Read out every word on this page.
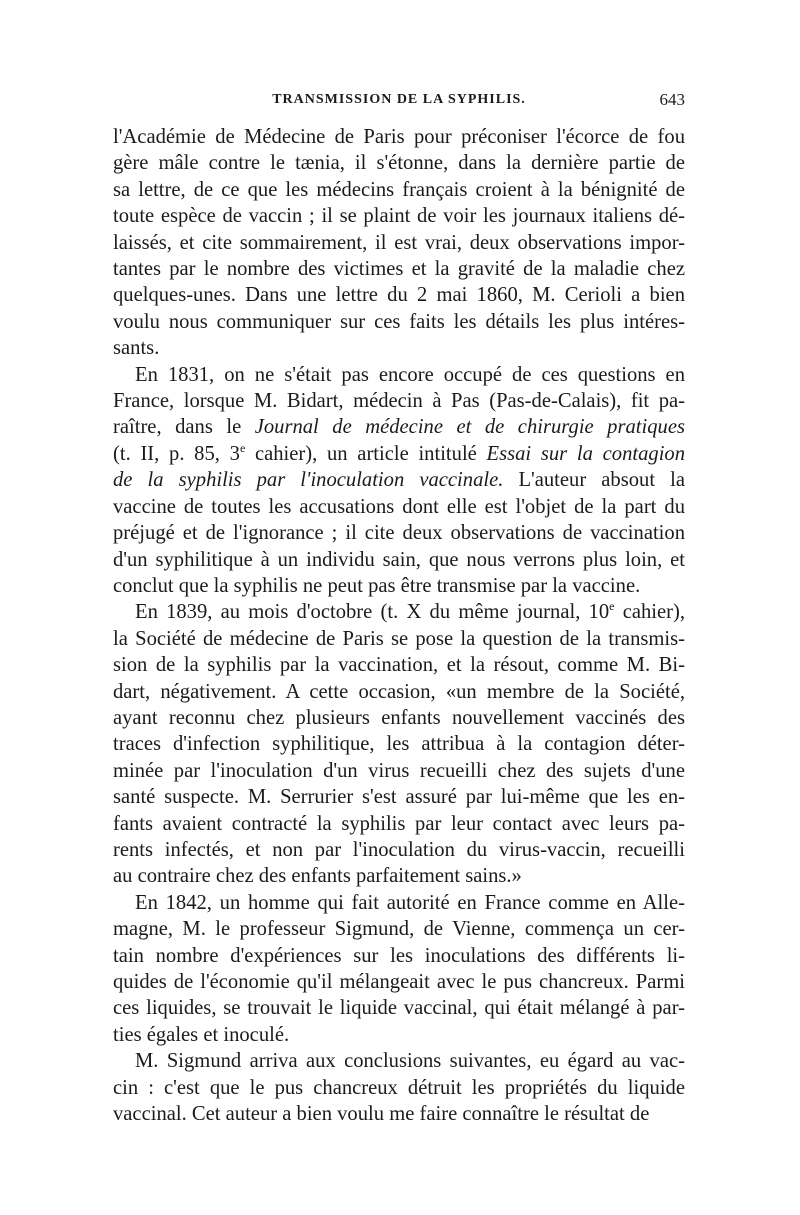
TRANSMISSION DE LA SYPHILIS.	643

l'Académie de Médecine de Paris pour préconiser l'écorce de fou
gère mâle contre le tænia, il s'étonne, dans la dernière partie de
sa lettre, de ce que les médecins français croient à la bénignité de
toute espèce de vaccin ; il se plaint de voir les journaux italiens dé-
laissés, et cite sommairement, il est vrai, deux observations impor-
tantes par le nombre des victimes et la gravité de la maladie chez
quelques-unes. Dans une lettre du 2 mai 1860, M. Cerioli a bien
voulu nous communiquer sur ces faits les détails les plus intéres-
sants.

En 1831, on ne s'était pas encore occupé de ces questions en
France, lorsque M. Bidart, médecin à Pas (Pas-de-Calais), fit pa-
raître, dans le Journal de médecine et de chirurgie pratiques
(t. II, p. 85, 3e cahier), un article intitulé Essai sur la contagion
de la syphilis par l'inoculation vaccinale. L'auteur absout la
vaccine de toutes les accusations dont elle est l'objet de la part du
préjugé et de l'ignorance ; il cite deux observations de vaccination
d'un syphilitique à un individu sain, que nous verrons plus loin, et
conclut que la syphilis ne peut pas être transmise par la vaccine.

En 1839, au mois d'octobre (t. X du même journal, 10e cahier),
la Société de médecine de Paris se pose la question de la transmis-
sion de la syphilis par la vaccination, et la résout, comme M. Bi-
dart, négativement. A cette occasion, «un membre de la Société,
ayant reconnu chez plusieurs enfants nouvellement vaccinés des
traces d'infection syphilitique, les attribua à la contagion déter-
minée par l'inoculation d'un virus recueilli chez des sujets d'une
santé suspecte. M. Serrurier s'est assuré par lui-même que les en-
fants avaient contracté la syphilis par leur contact avec leurs pa-
rents infectés, et non par l'inoculation du virus-vaccin, recueilli
au contraire chez des enfants parfaitement sains.»

En 1842, un homme qui fait autorité en France comme en Alle-
magne, M. le professeur Sigmund, de Vienne, commença un cer-
tain nombre d'expériences sur les inoculations des différents li-
quides de l'économie qu'il mélangeait avec le pus chancreux. Parmi
ces liquides, se trouvait le liquide vaccinal, qui était mélangé à par-
ties égales et inoculé.

M. Sigmund arriva aux conclusions suivantes, eu égard au vac-
cin : c'est que le pus chancreux détruit les propriétés du liquide
vaccinal. Cet auteur a bien voulu me faire connaître le résultat de
